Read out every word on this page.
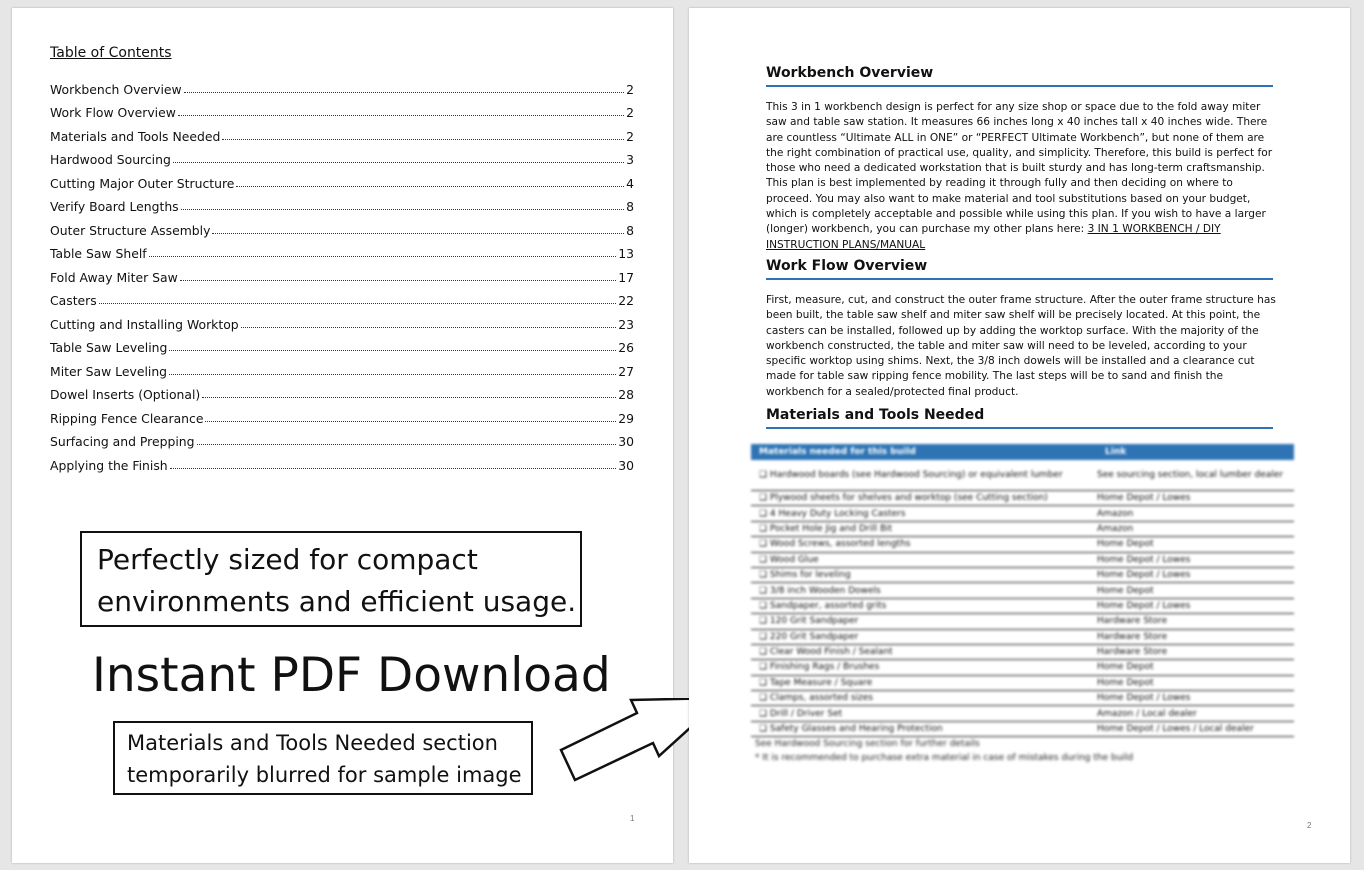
Table of Contents
Workbench Overview	2
Work Flow Overview	2
Materials and Tools Needed	2
Hardwood Sourcing	3
Cutting Major Outer Structure	4
Verify Board Lengths	8
Outer Structure Assembly	8
Table Saw Shelf	13
Fold Away Miter Saw	17
Casters	22
Cutting and Installing Worktop	23
Table Saw Leveling	26
Miter Saw Leveling	27
Dowel Inserts (Optional)	28
Ripping Fence Clearance	29
Surfacing and Prepping	30
Applying the Finish	30
1
Perfectly sized for compact environments and efficient usage.
Instant PDF Download
Materials and Tools Needed section temporarily blurred for sample image
Workbench Overview
This 3 in 1 workbench design is perfect for any size shop or space due to the fold away miter saw and table saw station. It measures 66 inches long x 40 inches tall x 40 inches wide. There are countless “Ultimate ALL in ONE” or “PERFECT Ultimate Workbench”, but none of them are the right combination of practical use, quality, and simplicity. Therefore, this build is perfect for those who need a dedicated workstation that is built sturdy and has long-term craftsmanship. This plan is best implemented by reading it through fully and then deciding on where to proceed. You may also want to make material and tool substitutions based on your budget, which is completely acceptable and possible while using this plan. If you wish to have a larger (longer) workbench, you can purchase my other plans here: 3 IN 1 WORKBENCH / DIY INSTRUCTION PLANS/MANUAL
Work Flow Overview
First, measure, cut, and construct the outer frame structure. After the outer frame structure has been built, the table saw shelf and miter saw shelf will be precisely located. At this point, the casters can be installed, followed up by adding the worktop surface. With the majority of the workbench constructed, the table and miter saw will need to be leveled, according to your specific worktop using shims. Next, the 3/8 inch dowels will be installed and a clearance cut made for table saw ripping fence mobility. The last steps will be to sand and finish the workbench for a sealed/protected final product.
Materials and Tools Needed
Materials needed for this build	Link
❏ Hardwood boards (see Hardwood Sourcing) or equivalent lumber	See sourcing section, local lumber dealer
❏ Plywood sheets for shelves and worktop (see Cutting section)	Home Depot / Lowes
❏ 4 Heavy Duty Locking Casters	Amazon
❏ Pocket Hole Jig and Drill Bit	Amazon
❏ Wood Screws, assorted lengths	Home Depot
❏ Wood Glue	Home Depot / Lowes
❏ Shims for leveling	Home Depot / Lowes
❏ 3/8 inch Wooden Dowels	Home Depot
❏ Sandpaper, assorted grits	Home Depot / Lowes
❏ 120 Grit Sandpaper	Hardware Store
❏ 220 Grit Sandpaper	Hardware Store
❏ Clear Wood Finish / Sealant	Hardware Store
❏ Finishing Rags / Brushes	Home Depot
❏ Tape Measure / Square	Home Depot
❏ Clamps, assorted sizes	Home Depot / Lowes
❏ Drill / Driver Set	Amazon / Local dealer
❏ Safety Glasses and Hearing Protection	Home Depot / Lowes / Local dealer
See Hardwood Sourcing section for further details
* It is recommended to purchase extra material in case of mistakes during the build
2
